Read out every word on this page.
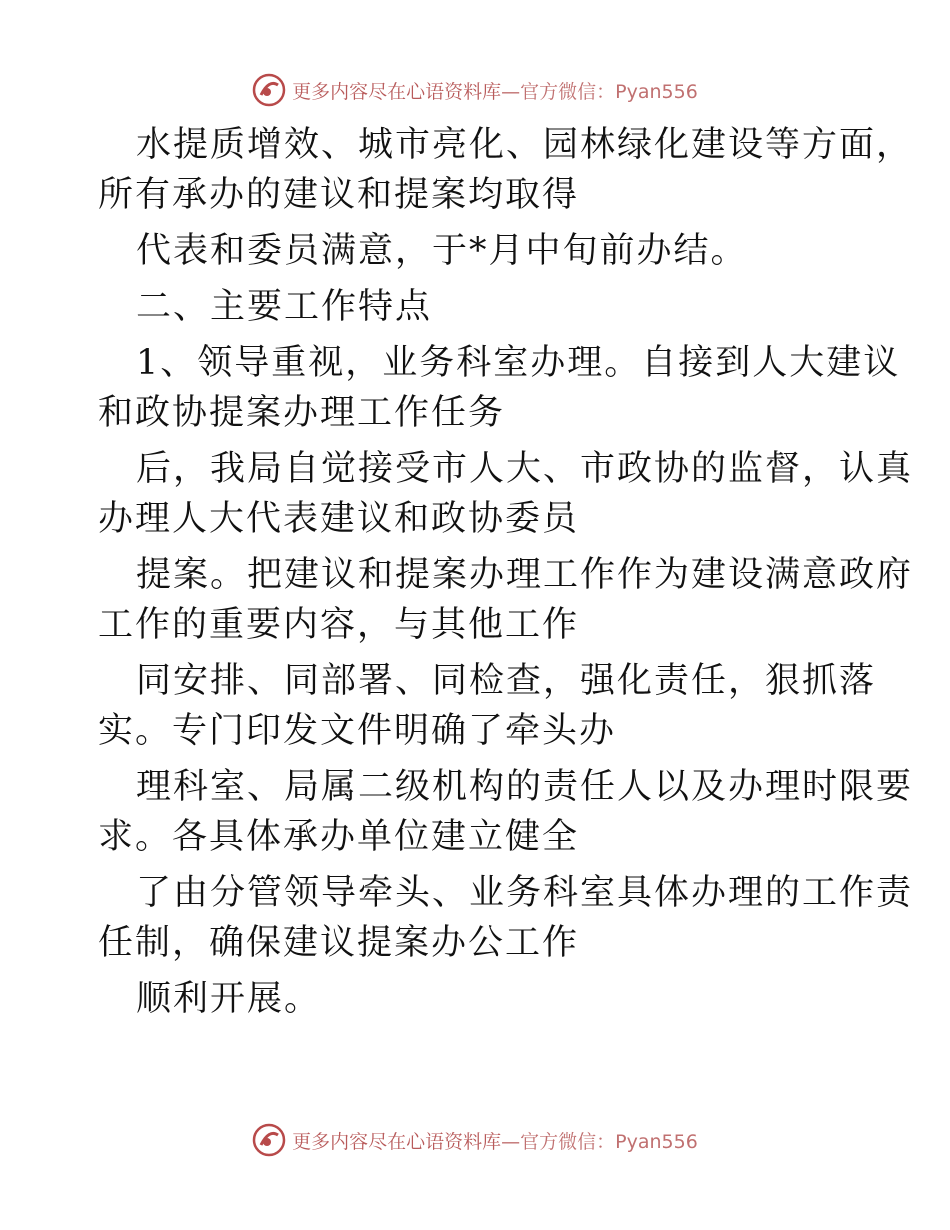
更多内容尽在心语资料库—官方微信：Pyan556

水提质增效、城市亮化、园林绿化建设等方面，

所有承办的建议和提案均取得

代表和委员满意，于*月中旬前办结。

二、主要工作特点

1、领导重视，业务科室办理。自接到人大建议

和政协提案办理工作任务

后，我局自觉接受市人大、市政协的监督，认真

办理人大代表建议和政协委员

提案。把建议和提案办理工作作为建设满意政府

工作的重要内容，与其他工作

同安排、同部署、同检查，强化责任，狠抓落

实。专门印发文件明确了牵头办

理科室、局属二级机构的责任人以及办理时限要

求。各具体承办单位建立健全

了由分管领导牵头、业务科室具体办理的工作责

任制，确保建议提案办公工作

顺利开展。

更多内容尽在心语资料库—官方微信：Pyan556
